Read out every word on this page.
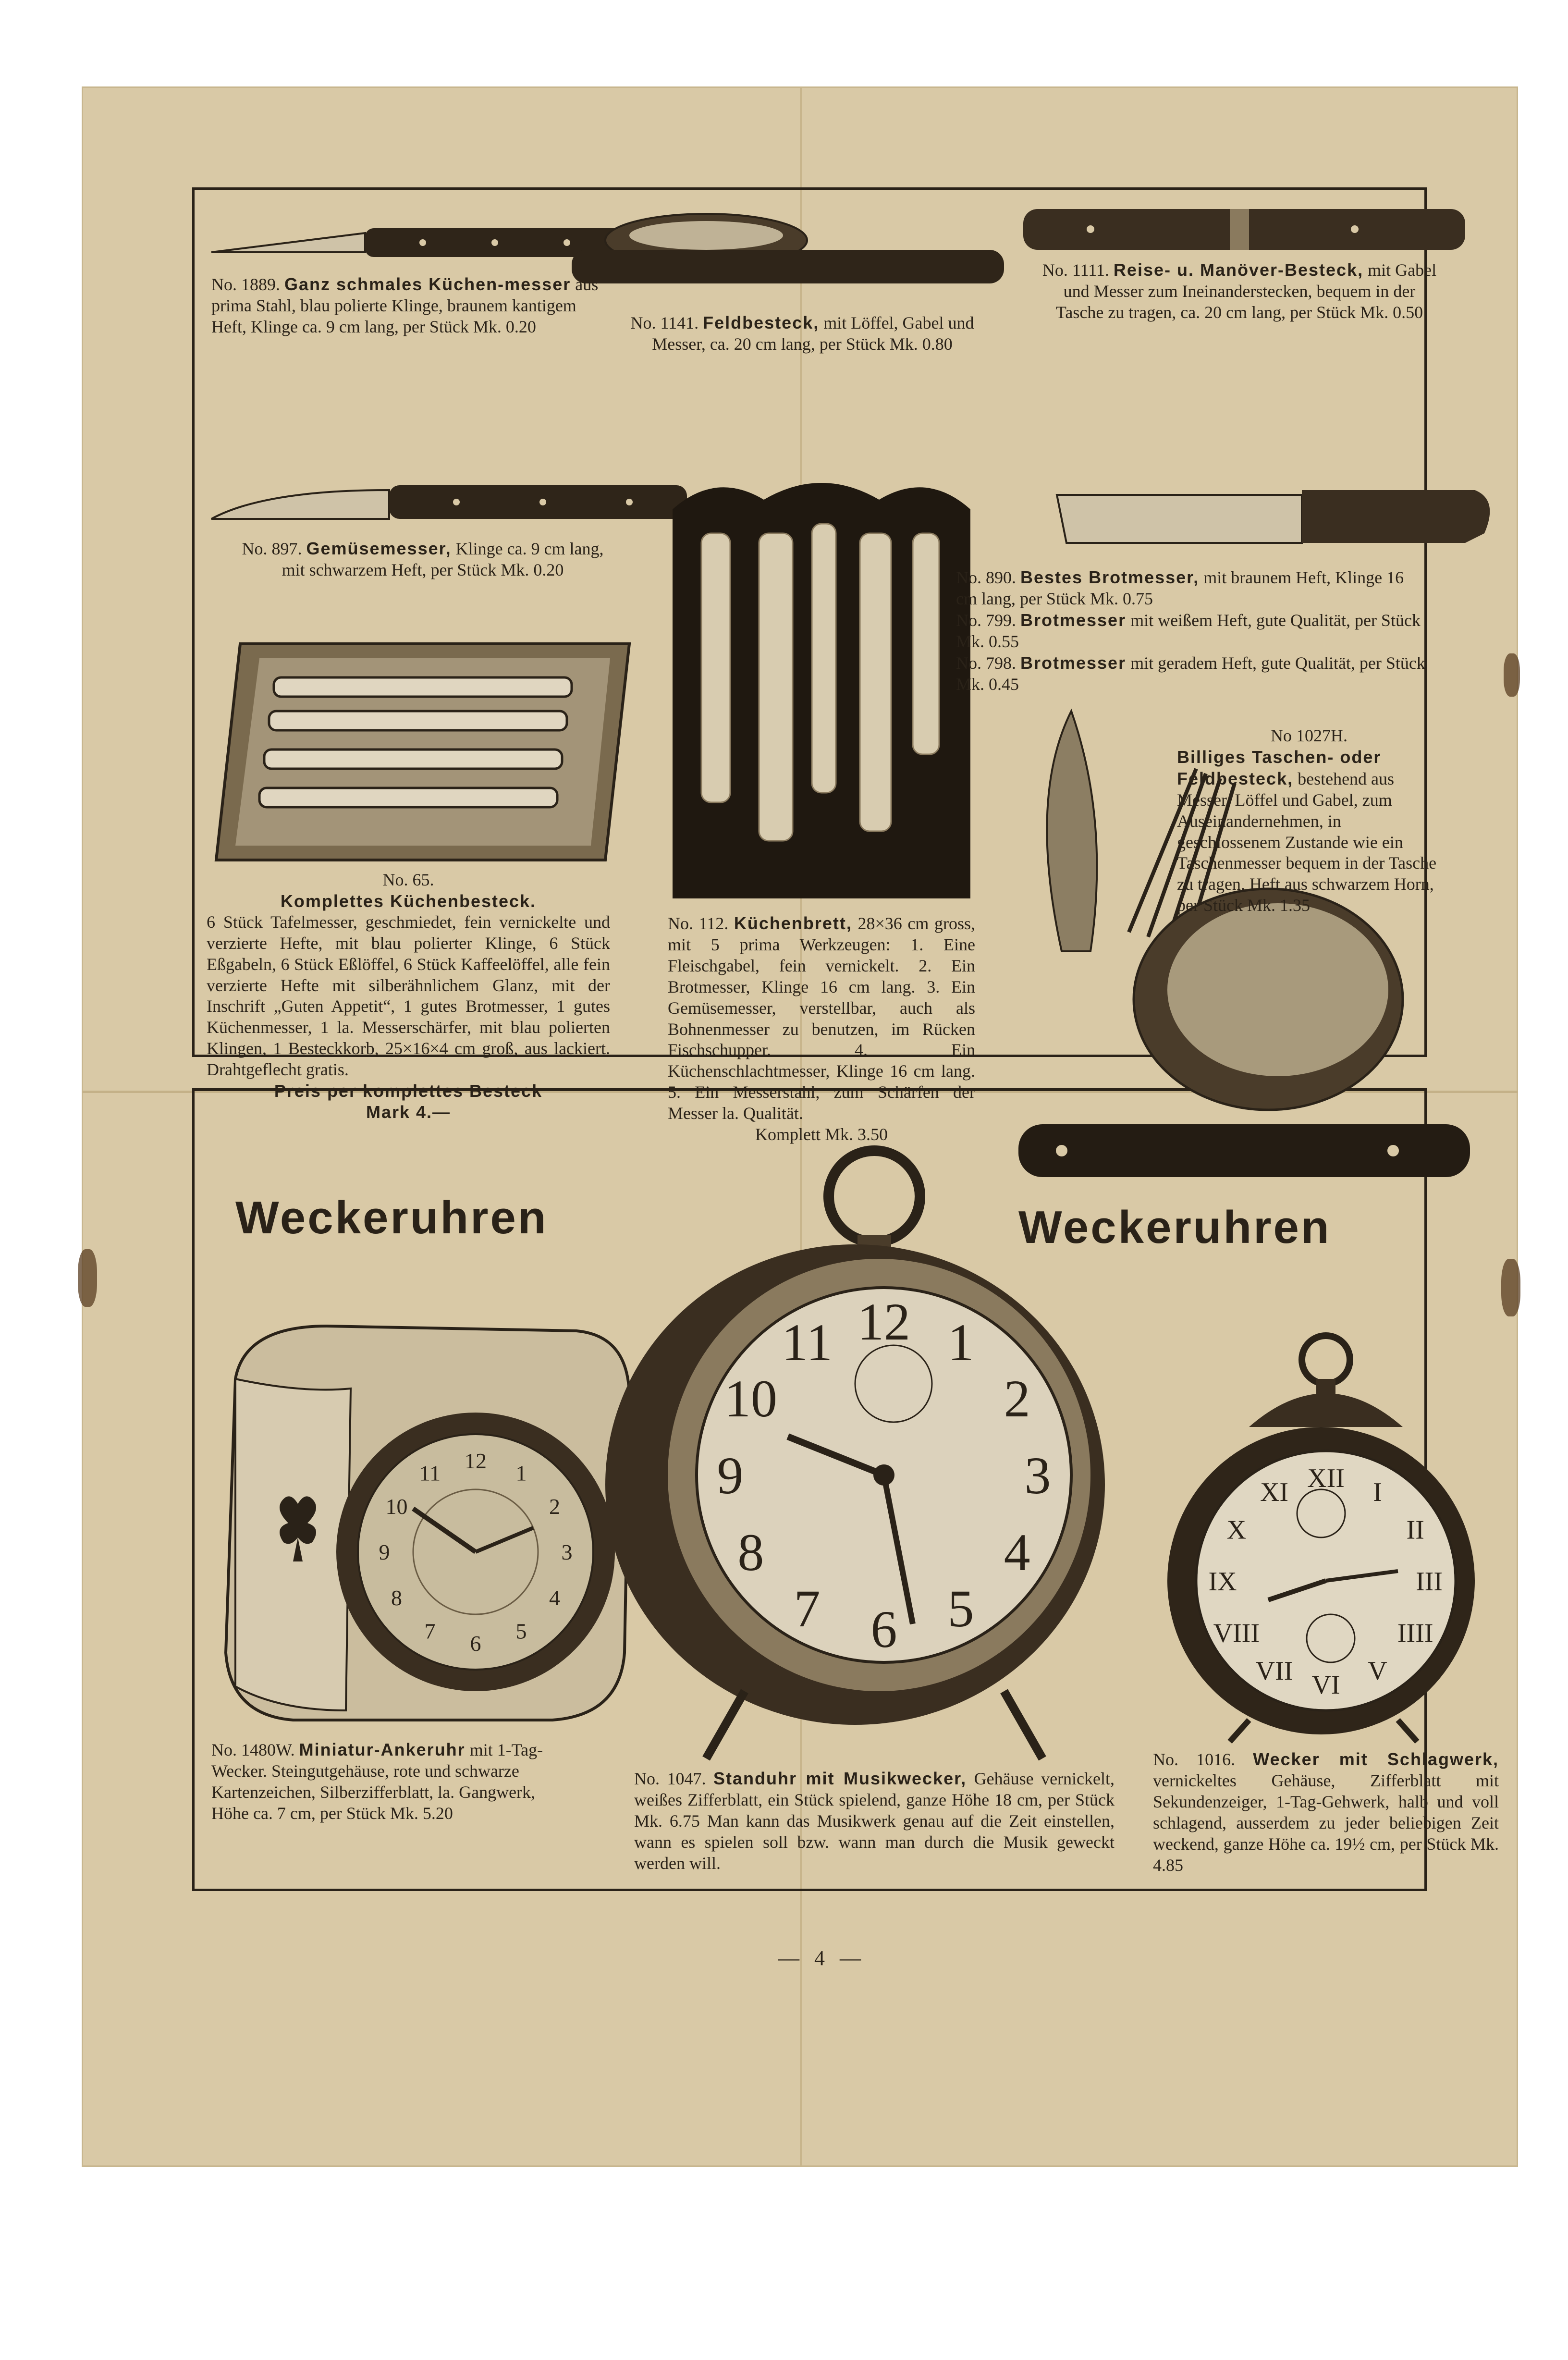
No. 1889. Ganz schmales Küchen-messer aus prima Stahl, blau polierte Klinge, braunem kantigem Heft, Klinge ca. 9 cm lang, per Stück Mk. 0.20	No. 1141. Feldbesteck, mit Löffel, Gabel und Messer, ca. 20 cm lang, per Stück Mk. 0.80
No. 1111. Reise- u. Manöver-Besteck, mit Gabel und Messer zum Ineinanderstecken, bequem in der Tasche zu tragen, ca. 20 cm lang, per Stück Mk. 0.50
No. 897. Gemüsemesser, Klinge ca. 9 cm lang, mit schwarzem Heft, per Stück Mk. 0.20	No. 890. Bestes Brotmesser, mit braunem Heft, Klinge 16 cm lang, per Stück Mk. 0.75
No. 799. Brotmesser mit weißem Heft, gute Qualität, per Stück Mk. 0.55
No. 798. Brotmesser mit geradem Heft, gute Qualität, per Stück Mk. 0.45
No 1027H.
Billiges Taschen- oder Feldbesteck, bestehend aus Messer, Löffel und Gabel, zum Auseinandernehmen, in geschlossenem Zustande wie ein Taschenmesser bequem in der Tasche zu tragen. Heft aus schwarzem Horn, per Stück Mk. 1.35
No. 65.
Komplettes Küchenbesteck.
6 Stück Tafelmesser, geschmiedet, fein vernickelte und verzierte Hefte, mit blau polierter Klinge, 6 Stück Eßgabeln, 6 Stück Eßlöffel, 6 Stück Kaffeelöffel, alle fein verzierte Hefte mit silberähnlichem Glanz, mit der Inschrift „Guten Appetit“, 1 gutes Brotmesser, 1 gutes Küchenmesser, 1 la. Messerschärfer, mit blau polierten Klingen, 1 Besteckkorb, 25×16×4 cm groß, aus lackiert. Drahtgeflecht gratis.
Preis per komplettes Besteck
Mark 4.—
No. 112. Küchenbrett, 28×36 cm gross, mit 5 prima Werkzeugen: 1. Eine Fleischgabel, fein vernickelt. 2. Ein Brotmesser, Klinge 16 cm lang. 3. Ein Gemüsemesser, verstellbar, auch als Bohnenmesser zu benutzen, im Rücken Fischschupper. 4. Ein Küchenschlachtmesser, Klinge 16 cm lang. 5. Ein Messerstahl, zum Schärfen der Messer la. Qualität.
Komplett Mk. 3.50
Weckeruhren	Weckeruhren
12 1
2
3
4
5
6
7
8
9
10
11
12 1
2
3
4
5
6
7
8
9
10
11
XII I
II
III
IIII
V
VI
VII
VIII
IX
X
XI
No. 1480W. Miniatur-Ankeruhr mit 1-Tag-Wecker. Steingutgehäuse, rote und schwarze Kartenzeichen, Silberzifferblatt, la. Gangwerk, Höhe ca. 7 cm, per Stück Mk. 5.20
No. 1047. Standuhr mit Musikwecker, Gehäuse vernickelt, weißes Zifferblatt, ein Stück spielend, ganze Höhe 18 cm, per Stück Mk. 6.75 Man kann das Musikwerk genau auf die Zeit einstellen, wann es spielen soll bzw. wann man durch die Musik geweckt werden will.
No. 1016. Wecker mit Schlagwerk, vernickeltes Gehäuse, Zifferblatt mit Sekundenzeiger, 1-Tag-Gehwerk, halb und voll schlagend, ausserdem zu jeder beliebigen Zeit weckend, ganze Höhe ca. 19½ cm, per Stück Mk. 4.85
— 4 —
